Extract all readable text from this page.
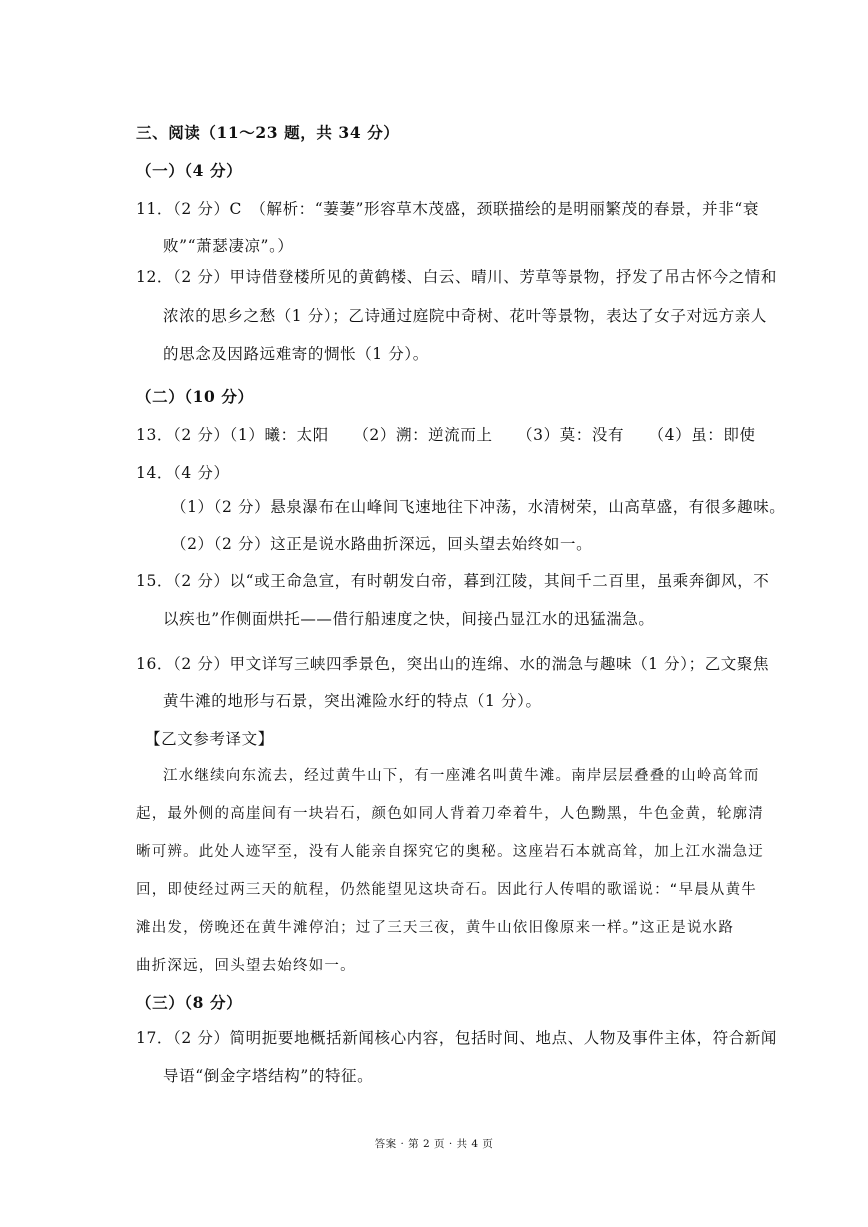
三、阅读（11～23 题，共 34 分）
（一）（4 分）
11．（2 分）C　（解析：“萋萋”形容草木茂盛，颈联描绘的是明丽繁茂的春景，并非“衰
败”“萧瑟凄凉”。）
12．（2 分）甲诗借登楼所见的黄鹤楼、白云、晴川、芳草等景物，抒发了吊古怀今之情和
浓浓的思乡之愁（1 分）；乙诗通过庭院中奇树、花叶等景物，表达了女子对远方亲人
的思念及因路远难寄的惆怅（1 分）。
（二）（10 分）
13．（2 分）（1）曦：太阳　　（2）溯：逆流而上　　（3）莫：没有　　（4）虽：即使
14．（4 分）
（1）（2 分）悬泉瀑布在山峰间飞速地往下冲荡，水清树荣，山高草盛，有很多趣味。
（2）（2 分）这正是说水路曲折深远，回头望去始终如一。
15．（2 分）以“或王命急宣，有时朝发白帝，暮到江陵，其间千二百里，虽乘奔御风，不
以疾也”作侧面烘托——借行船速度之快，间接凸显江水的迅猛湍急。
16．（2 分）甲文详写三峡四季景色，突出山的连绵、水的湍急与趣味（1 分）；乙文聚焦
黄牛滩的地形与石景，突出滩险水纡的特点（1 分）。
【乙文参考译文】
江水继续向东流去，经过黄牛山下，有一座滩名叫黄牛滩。南岸层层叠叠的山岭高耸而
起，最外侧的高崖间有一块岩石，颜色如同人背着刀牵着牛，人色黝黑，牛色金黄，轮廓清
晰可辨。此处人迹罕至，没有人能亲自探究它的奥秘。这座岩石本就高耸，加上江水湍急迂
回，即使经过两三天的航程，仍然能望见这块奇石。因此行人传唱的歌谣说：“早晨从黄牛
滩出发，傍晚还在黄牛滩停泊；过了三天三夜，黄牛山依旧像原来一样。”这正是说水路
曲折深远，回头望去始终如一。
（三）（8 分）
17．（2 分）简明扼要地概括新闻核心内容，包括时间、地点、人物及事件主体，符合新闻
导语“倒金字塔结构”的特征。
答案 · 第 2 页 · 共 4 页
